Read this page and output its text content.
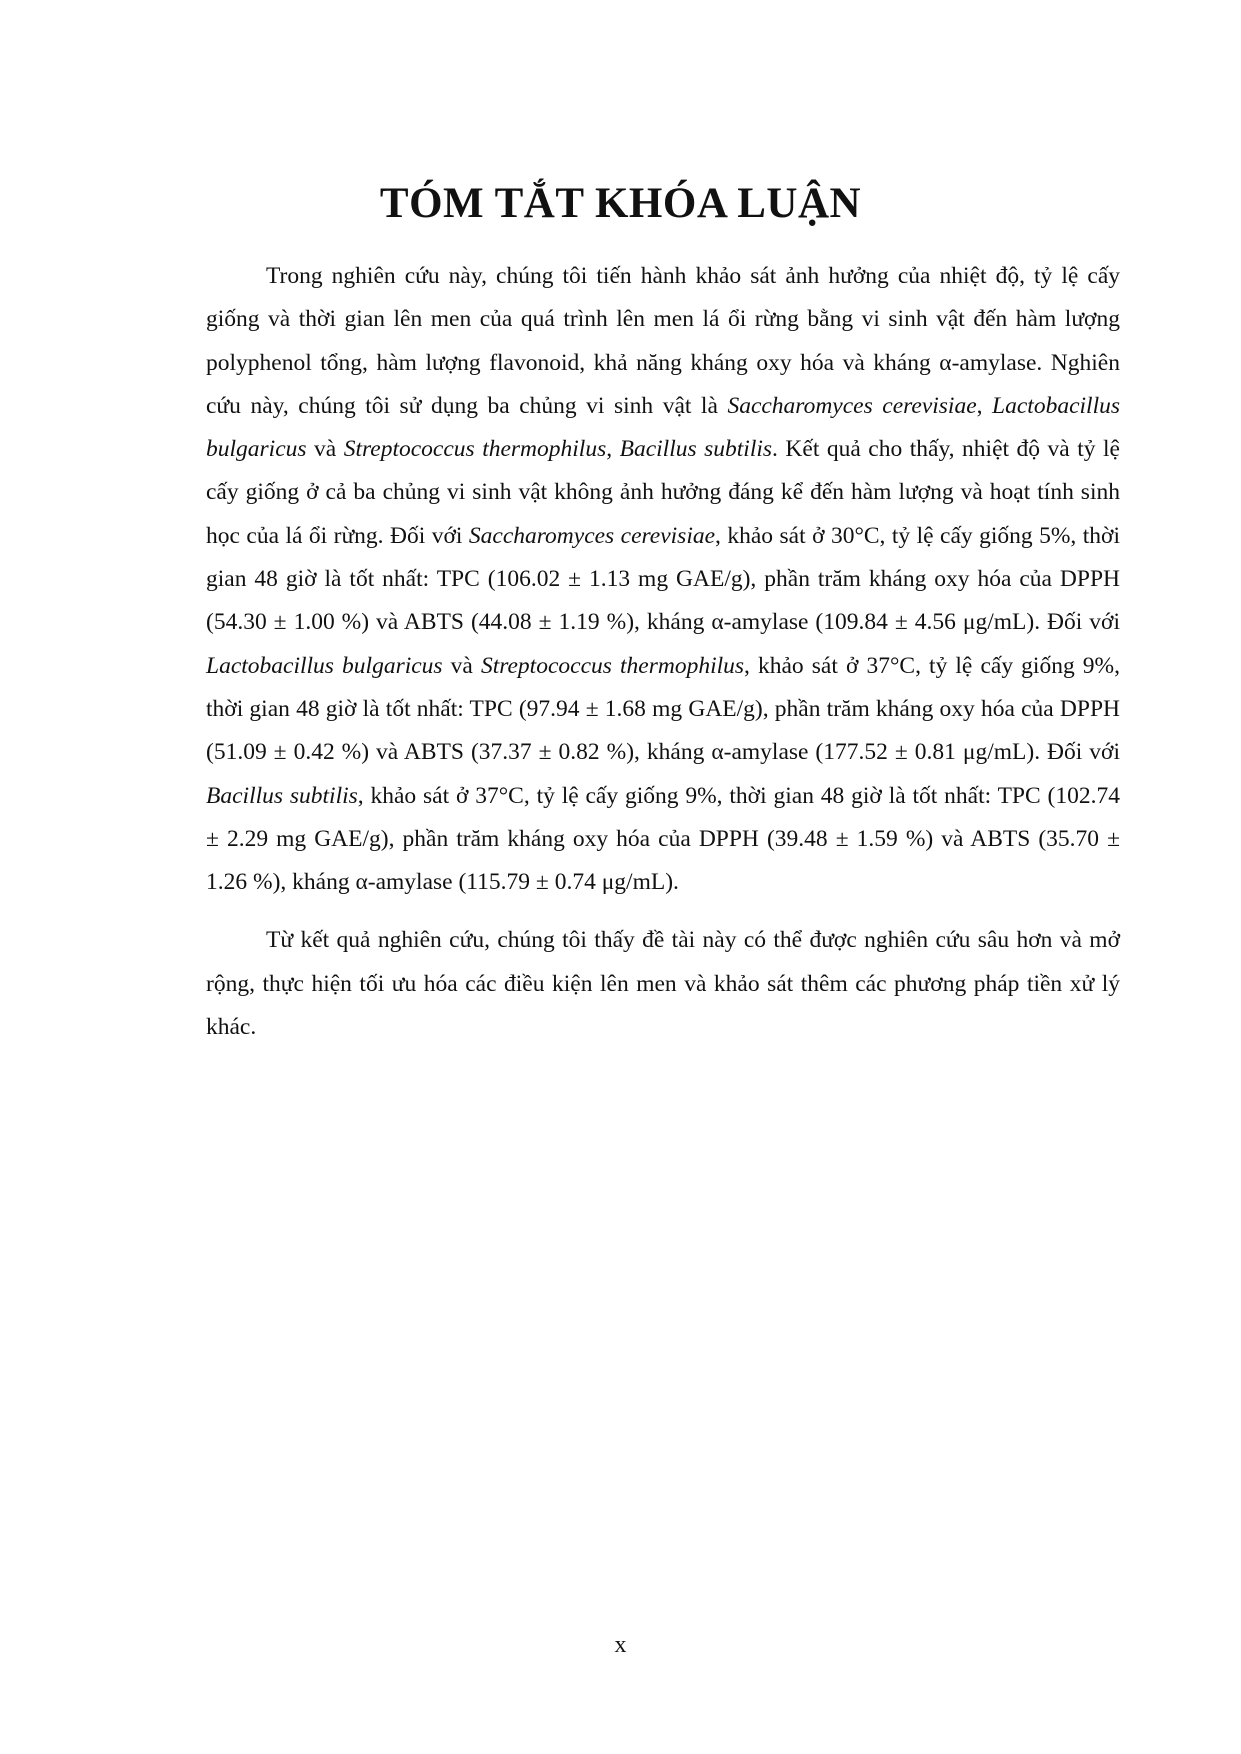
TÓM TẮT KHÓA LUẬN

Trong nghiên cứu này, chúng tôi tiến hành khảo sát ảnh hưởng của nhiệt độ, tỷ lệ cấy giống và thời gian lên men của quá trình lên men lá ổi rừng bằng vi sinh vật đến hàm lượng polyphenol tổng, hàm lượng flavonoid, khả năng kháng oxy hóa và kháng α-amylase. Nghiên cứu này, chúng tôi sử dụng ba chủng vi sinh vật là Saccharomyces cerevisiae, Lactobacillus bulgaricus và Streptococcus thermophilus, Bacillus subtilis. Kết quả cho thấy, nhiệt độ và tỷ lệ cấy giống ở cả ba chủng vi sinh vật không ảnh hưởng đáng kể đến hàm lượng và hoạt tính sinh học của lá ổi rừng. Đối với Saccharomyces cerevisiae, khảo sát ở 30°C, tỷ lệ cấy giống 5%, thời gian 48 giờ là tốt nhất: TPC (106.02 ± 1.13 mg GAE/g), phần trăm kháng oxy hóa của DPPH (54.30 ± 1.00 %) và ABTS (44.08 ± 1.19 %), kháng α-amylase (109.84 ± 4.56 μg/mL). Đối với Lactobacillus bulgaricus và Streptococcus thermophilus, khảo sát ở 37°C, tỷ lệ cấy giống 9%, thời gian 48 giờ là tốt nhất: TPC (97.94 ± 1.68 mg GAE/g), phần trăm kháng oxy hóa của DPPH (51.09 ± 0.42 %) và ABTS (37.37 ± 0.82 %), kháng α-amylase (177.52 ± 0.81 μg/mL). Đối với Bacillus subtilis, khảo sát ở 37°C, tỷ lệ cấy giống 9%, thời gian 48 giờ là tốt nhất: TPC (102.74 ± 2.29 mg GAE/g), phần trăm kháng oxy hóa của DPPH (39.48 ± 1.59 %) và ABTS (35.70 ± 1.26 %), kháng α-amylase (115.79 ± 0.74 μg/mL).

Từ kết quả nghiên cứu, chúng tôi thấy đề tài này có thể được nghiên cứu sâu hơn và mở rộng, thực hiện tối ưu hóa các điều kiện lên men và khảo sát thêm các phương pháp tiền xử lý khác.

x
